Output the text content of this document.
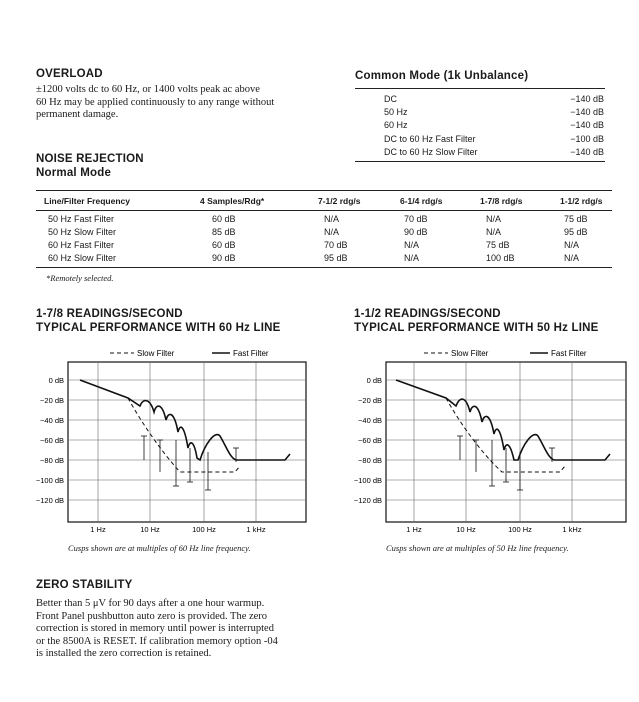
OVERLOAD
±1200 volts dc to 60 Hz, or 1400 volts peak ac above
60 Hz may be applied continuously to any range without
permanent damage.
Common Mode (1k Unbalance)
DC	−140 dB
50 Hz	−140 dB
60 Hz	−140 dB
DC to 60 Hz Fast Filter	−100 dB
DC to 60 Hz Slow Filter	−140 dB
NOISE REJECTION
Normal Mode
Line/Filter Frequency	4 Samples/Rdg*	7-1/2 rdg/s	6-1/4 rdg/s	1-7/8 rdg/s	1-1/2 rdg/s
50 Hz Fast Filter	60 dB	N/A	70 dB	N/A	75 dB
50 Hz Slow Filter	85 dB	N/A	90 dB	N/A	95 dB
60 Hz Fast Filter	60 dB	70 dB	N/A	75 dB	N/A
60 Hz Slow Filter	90 dB	95 dB	N/A	100 dB	N/A
*Remotely selected.
1-7/8 READINGS/SECOND
TYPICAL PERFORMANCE WITH 60 Hz LINE
1-1/2 READINGS/SECOND
TYPICAL PERFORMANCE WITH 50 Hz LINE
Slow Filter	Fast Filter
0 dB
−20 dB
−40 dB
−60 dB
−80 dB
−100 dB
−120 dB
1 Hz	10 Hz	100 Hz	1 kHz
Cusps shown are at multiples of 60 Hz line frequency.
Slow Filter	Fast Filter
0 dB
−20 dB
−40 dB
−60 dB
−80 dB
−100 dB
−120 dB
1 Hz	10 Hz	100 Hz	1 kHz
Cusps shown are at multiples of 50 Hz line frequency.
ZERO STABILITY
Better than 5 μV for 90 days after a one hour warmup.
Front Panel pushbutton auto zero is provided. The zero
correction is stored in memory until power is interrupted
or the 8500A is RESET. If calibration memory option -04
is installed the zero correction is retained.
